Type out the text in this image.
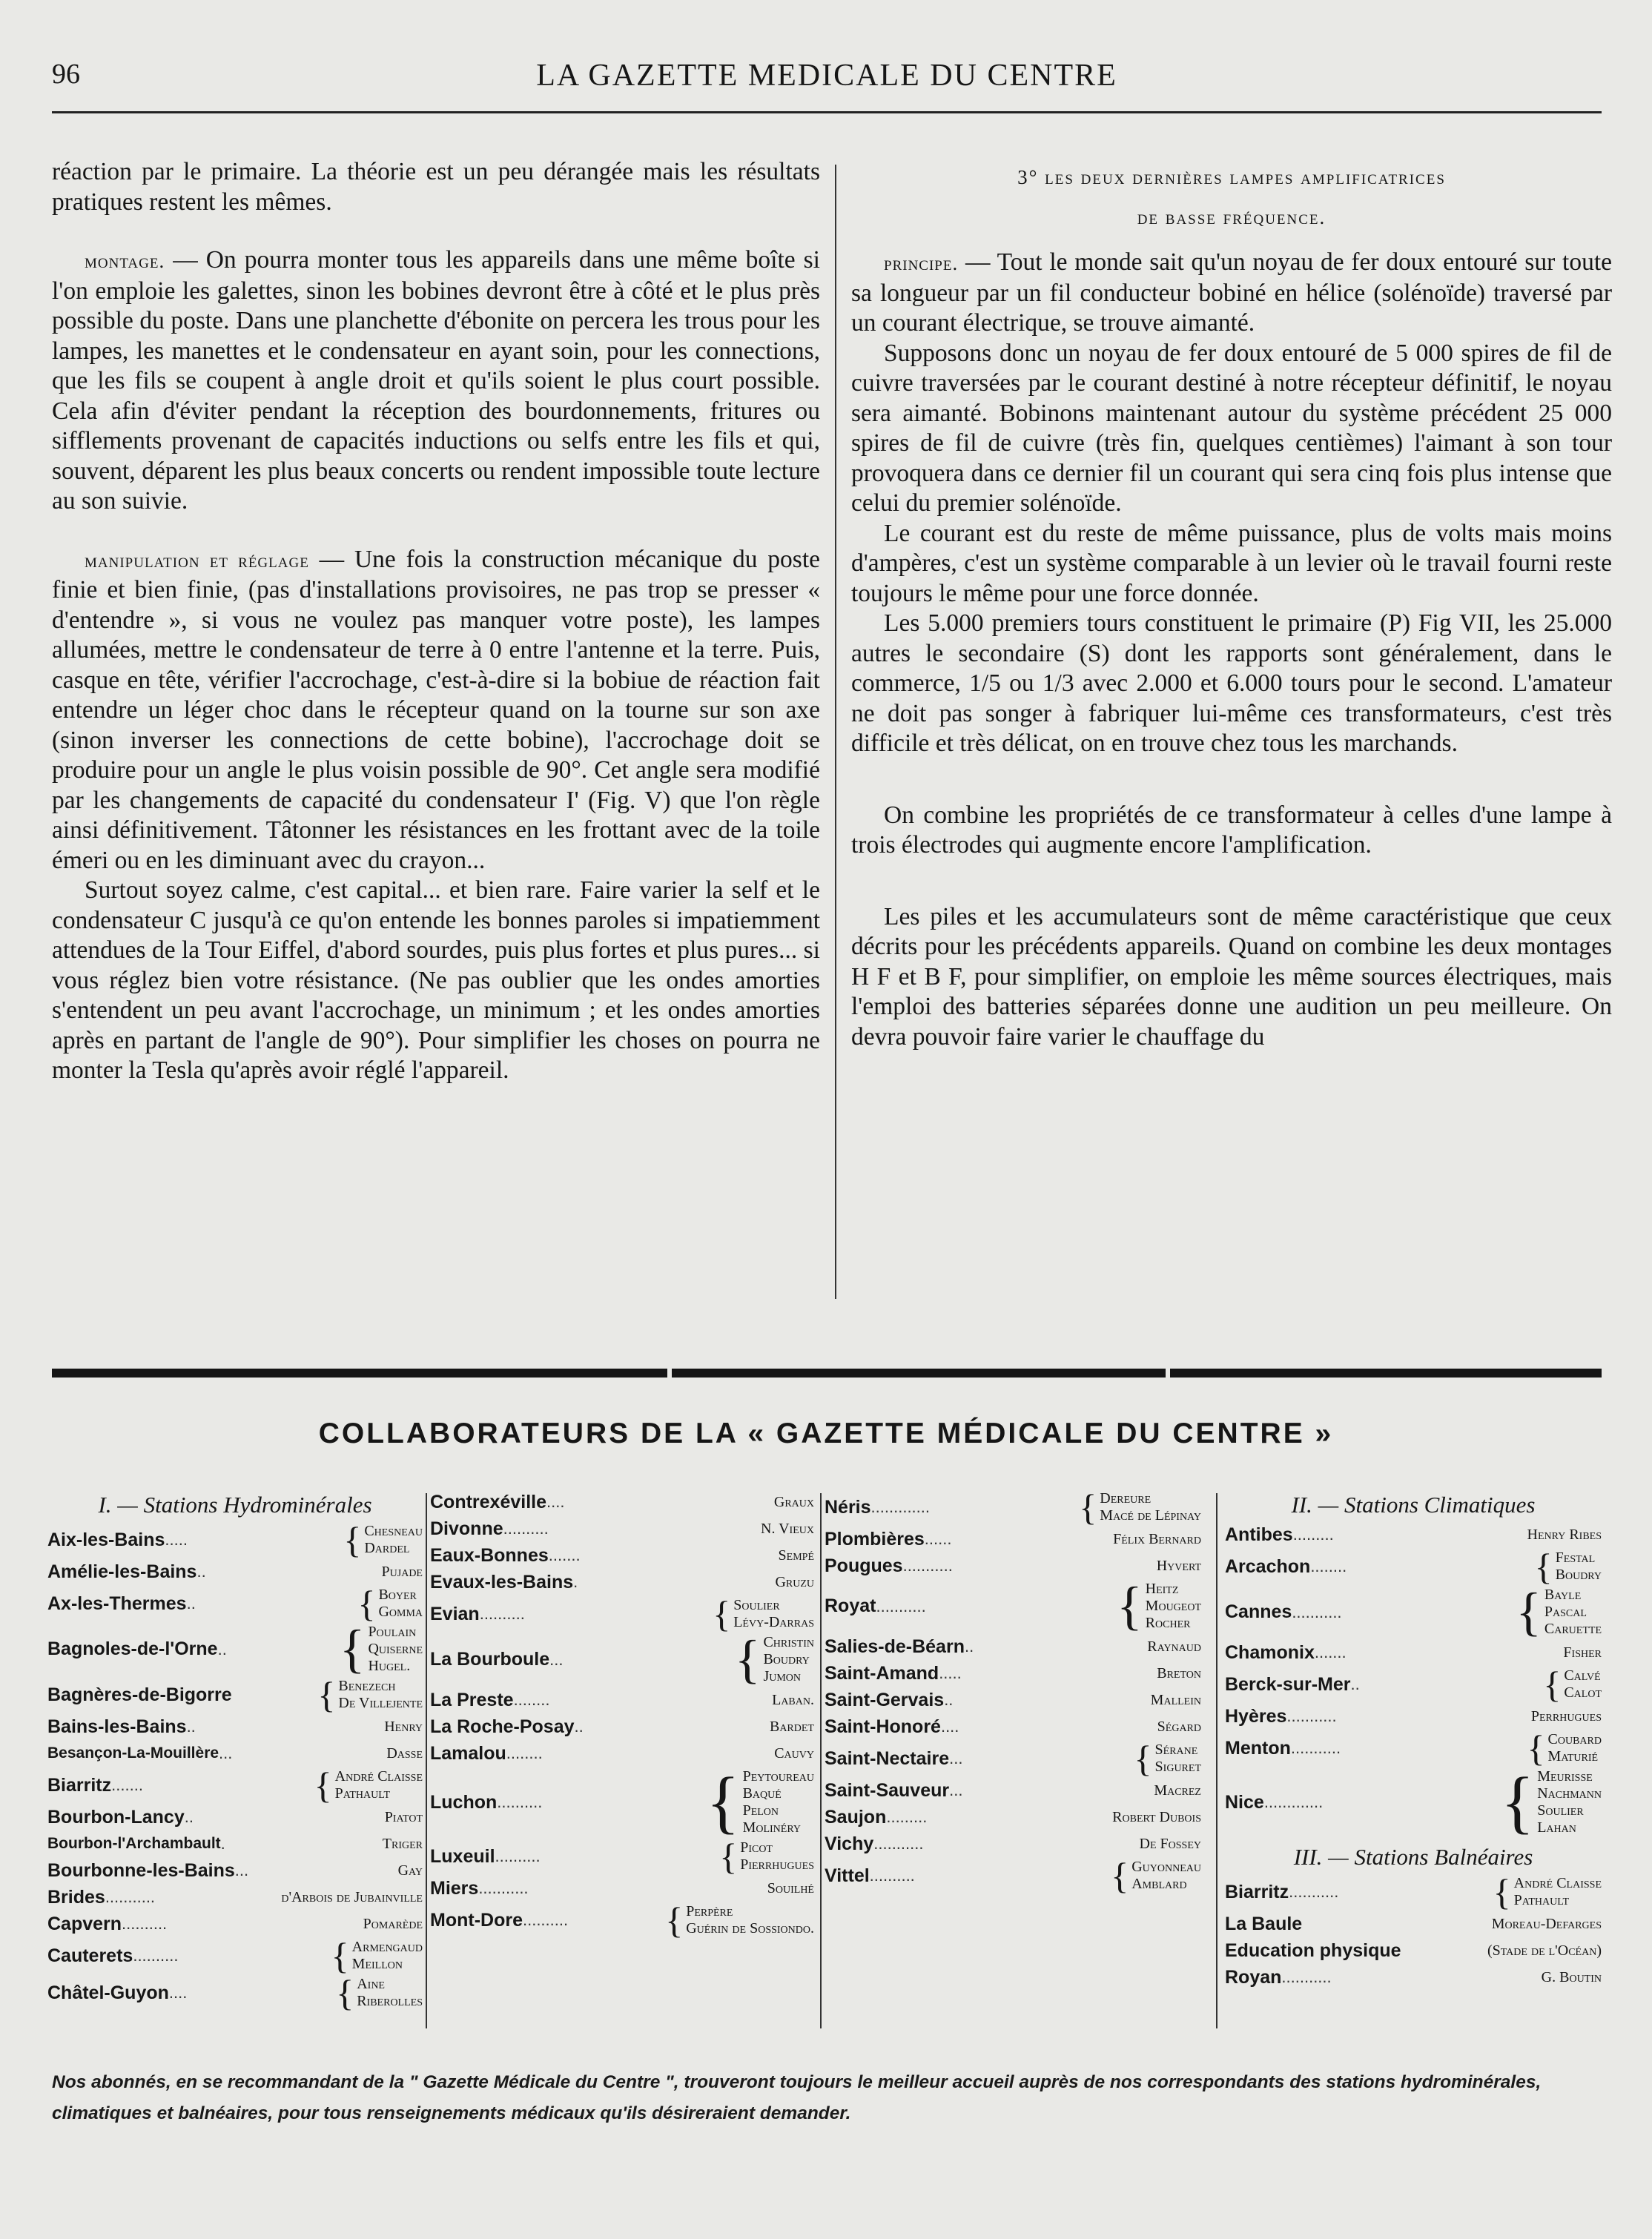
96	LA GAZETTE MEDICALE DU CENTRE

réaction par le primaire. La théorie est un peu dérangée mais les résultats pratiques restent les mêmes.

montage. — On pourra monter tous les appareils dans une même boîte si l'on emploie les galettes, sinon les bobines devront être à côté et le plus près possible du poste. Dans une planchette d'ébonite on percera les trous pour les lampes, les manettes et le condensateur en ayant soin, pour les connections, que les fils se coupent à angle droit et qu'ils soient le plus court possible. Cela afin d'éviter pendant la réception des bourdonnements, fritures ou sifflements provenant de capacités inductions ou selfs entre les fils et qui, souvent, déparent les plus beaux concerts ou rendent impossible toute lecture au son suivie.

manipulation et réglage — Une fois la construction mécanique du poste finie et bien finie, (pas d'installations provisoires, ne pas trop se presser « d'entendre », si vous ne voulez pas manquer votre poste), les lampes allumées, mettre le condensateur de terre à 0 entre l'antenne et la terre. Puis, casque en tête, vérifier l'accrochage, c'est-à-dire si la bobiue de réaction fait entendre un léger choc dans le récepteur quand on la tourne sur son axe (sinon inverser les connections de cette bobine), l'accrochage doit se produire pour un angle le plus voisin possible de 90°. Cet angle sera modifié par les changements de capacité du condensateur I' (Fig. V) que l'on règle ainsi définitivement. Tâtonner les résistances en les frottant avec de la toile émeri ou en les diminuant avec du crayon...

Surtout soyez calme, c'est capital... et bien rare. Faire varier la self et le condensateur C jusqu'à ce qu'on entende les bonnes paroles si impatiemment attendues de la Tour Eiffel, d'abord sourdes, puis plus fortes et plus pures... si vous réglez bien votre résistance. (Ne pas oublier que les ondes amorties s'entendent un peu avant l'accrochage, un minimum ; et les ondes amorties après en partant de l'angle de 90°). Pour simplifier les choses on pourra ne monter la Tesla qu'après avoir réglé l'appareil.

3° les deux dernières lampes amplificatrices
de basse fréquence.

principe. — Tout le monde sait qu'un noyau de fer doux entouré sur toute sa longueur par un fil conducteur bobiné en hélice (solénoïde) traversé par un courant électrique, se trouve aimanté.

Supposons donc un noyau de fer doux entouré de 5 000 spires de fil de cuivre traversées par le courant destiné à notre récepteur définitif, le noyau sera aimanté. Bobinons maintenant autour du système précédent 25 000 spires de fil de cuivre (très fin, quelques centièmes) l'aimant à son tour provoquera dans ce dernier fil un courant qui sera cinq fois plus intense que celui du premier solénoïde.

Le courant est du reste de même puissance, plus de volts mais moins d'ampères, c'est un système comparable à un levier où le travail fourni reste toujours le même pour une force donnée.

Les 5.000 premiers tours constituent le primaire (P) Fig VII, les 25.000 autres le secondaire (S) dont les rapports sont généralement, dans le commerce, 1/5 ou 1/3 avec 2.000 et 6.000 tours pour le second. L'amateur ne doit pas songer à fabriquer lui-même ces transformateurs, c'est très difficile et très délicat, on en trouve chez tous les marchands.

On combine les propriétés de ce transformateur à celles d'une lampe à trois électrodes qui augmente encore l'amplification.

Les piles et les accumulateurs sont de même caractéristique que ceux décrits pour les précédents appareils. Quand on combine les deux montages H F et B F, pour simplifier, on emploie les même sources électriques, mais l'emploi des batteries séparées donne une audition un peu meilleure. On devra pouvoir faire varier le chauffage du

COLLABORATEURS DE LA « GAZETTE MÉDICALE DU CENTRE »
I. — Stations Hydrominérales
Aix-les-Bains .....	{ Chesneau
Dardel
Amélie-les-Bains ..	Pujade
Ax-les-Thermes ..	{ Boyer
Gomma
Bagnoles-de-l'Orne .. { Poulain
Quiserne
Hugel.
Bagnères-de-Bigorre { Benezech
De Villejente
Bains-les-Bains ..	Henry
Besançon-La-Mouillère ...	Dasse
Biarritz .......	{ André Claisse
Pathault
Bourbon-Lancy ..	Piatot
Bourbon-l'Archambault .	Triger
Bourbonne-les-Bains ...	Gay
Brides ...........	d'Arbois de Jubainville
Capvern ..........	Pomarède
Cauterets ..........	{ Armengaud
Meillon
Châtel-Guyon ....	{ Aine
Riberolles
Contrexéville ....	Graux
Divonne ..........	N. Vieux
Eaux-Bonnes .......	Sempé
Evaux-les-Bains .	Gruzu
Evian ..........	{ Soulier
Lévy-Darras
La Bourboule ...	{ Christin
Boudry
Jumon
La Preste ........	Laban.
La Roche-Posay ..	Bardet
Lamalou ........	Cauvy
Luchon .......... { Peytoureau
Baqué
Pelon
Molinéry
Luxeuil ..........	{ Picot
Pierrhugues
Miers ...........	Souilhé
Mont-Dore ..........	{ Perpère
Guérin de Sossiondo.
Néris .............	{ Dereure
Macé de Lépinay
Plombières ......	Félix Bernard
Pougues ...........	Hyvert
Royat ...........	{ Heitz
Mougeot
Rocher
Salies-de-Béarn ..	Raynaud
Saint-Amand .....	Breton
Saint-Gervais ..	Mallein
Saint-Honoré ....	Ségard
Saint-Nectaire ...	{ Sérane
Siguret
Saint-Sauveur ...	Macrez
Saujon .........	Robert Dubois
Vichy ...........	De Fossey
Vittel ..........	{ Guyonneau
Amblard
II. — Stations Climatiques
Antibes .........	Henry Ribes
Arcachon ........	{ Festal
Boudry
Cannes ...........	{ Bayle
Pascal
Caruette
Chamonix .......	Fisher
Berck-sur-Mer ..	{ Calvé
Calot
Hyères ...........	Perrhugues
Menton ...........	{ Coubard
Maturié
Nice .............	{ Meurisse
Nachmann
Soulier
Lahan
III. — Stations Balnéaires
Biarritz ...........	{ André Claisse
Pathault
La Baule	Moreau-Defarges
Education physique	(Stade de l'Océan)
Royan ...........	G. Boutin
Nos abonnés, en se recommandant de la " Gazette Médicale du Centre ", trouveront toujours le meilleur accueil auprès de nos correspondants des stations hydrominérales, climatiques et balnéaires, pour tous renseignements médicaux qu'ils désireraient demander.
